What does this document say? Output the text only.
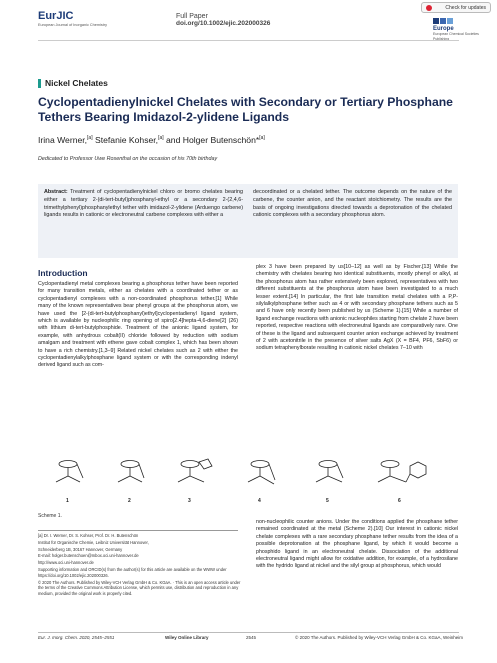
EurJIC
European Journal of Inorganic Chemistry
Full Paper
doi.org/10.1002/ejic.202000326
Check for updates
Europe
European Chemical Societies Publishing
Nickel Chelates
Cyclopentadienylnickel Chelates with Secondary or Tertiary Phosphane Tethers Bearing Imidazol-2-ylidene Ligands
Irina Werner,[a] Stefanie Kohser,[a] and Holger Butenschön*[a]
Dedicated to Professor Uwe Rosenthal on the occasion of his 70th birthday
Abstract: Treatment of cyclopentadienylnickel chloro or bromo chelates bearing either a tertiary 2-(di-tert-butyl)phosphanyl-ethyl or a secondary 2-(2,4,6-trimethylphenyl)phosphanylethyl tether with imidazol-2-ylidene (Arduengo carbene) ligands results in cationic or electroneutral carbene complexes with either a
decoordinated or a chelated tether. The outcome depends on the nature of the carbene, the counter anion, and the reactant stoichiometry. The results are the basis of ongoing investigations directed towards a deprotonation of the chelated cationic complexes with a secondary phosphorus atom.
Introduction
Cyclopentadienyl metal complexes bearing a phosphorus tether have been reported for many transition metals, either as chelates with a coordinated tether or as cyclopentadienyl complexes with a non-coordinated phosphorus tether.[1] While many of the known representatives bear phenyl groups at the phosphorus atom, we have used the [2-(di-tert-butylphosphanyl)ethyl]cyclopentadienyl ligand system, which is available by nucleophilic ring opening of spiro[2.4]hepta-4,6-diene[2] (26) with lithium di-tert-butylphosphide. Treatment of the anionic ligand system, for example, with anhydrous cobalt(II) chloride followed by reduction with sodium amalgam and treatment with ethene gave cobalt complex 1, which has been shown to have a rich chemistry.[1,3–9] Related nickel chelates such as 2 with either the cyclopentadienylalkylphosphane ligand system or with the corresponding indenyl derived ligand such as com-
plex 3 have been prepared by us[10–12] as well as by Fischer.[13] While the chemistry with chelates bearing two identical substituents, mostly phenyl or alkyl, at the phosphorus atom has rather extensively been explored, representatives with two different substituents at the phosphorus atom have been investigated to a much lesser extent.[14] In particular, the first late transition metal chelates with a P,P-silylalkylphosphane tether such as 4 or with secondary phosphane tethers such as 5 and 6 have only recently been published by us (Scheme 1).[15] While a number of ligand exchange reactions with anionic nucleophiles starting from chelate 2 have been reported, respective reactions with electroneutral ligands are comparatively rare. One of these is the ligand and subsequent counter anion exchange achieved by treatment of 2 with acetonitrile in the presence of silver salts AgX (X = BF4, PF6, SbF6) or sodium tetraphenylborate resulting in cationic nickel chelates 7–10 with
1	2	3	4	5	6
Scheme 1.
non-nucleophilic counter anions. Under the conditions applied the phosphane tether remained coordinated at the metal (Scheme 2).[10] Our interest in cationic nickel chelate complexes with a rare secondary phosphane tether results from the idea of a possible deprotonation at the phosphane ligand, by which it would become a phosphido ligand in an electroneutral chelate. Dissociation of the additional electroneutral ligand might allow for oxidative addition, for example, of a hydrosilane with the hydrido ligand at nickel and the silyl group at phosphorus, which would
[a] Dr. I. Werner, Dr. S. Kohser, Prof. Dr. H. Butenschön
Institut für Organische Chemie, Leibniz Universität Hannover,
Schneiderberg 1B, 30167 Hannover, Germany
E-mail: holger.butenschoen@mbox.oci.uni-hannover.de
http://www.oci.uni-hannover.de
Supporting information and ORCID(s) from the author(s) for this article are available on the WWW under https://doi.org/10.1002/ejic.202000326.
© 2020 The Authors. Published by Wiley-VCH Verlag GmbH & Co. KGaA. · This is an open access article under the terms of the Creative Commons Attribution License, which permits use, distribution and reproduction in any medium, provided the original work is properly cited.
Eur. J. Inorg. Chem. 2020, 2545–2551	Wiley Online Library	2545	© 2020 The Authors. Published by Wiley-VCH Verlag GmbH & Co. KGaA, Weinheim
